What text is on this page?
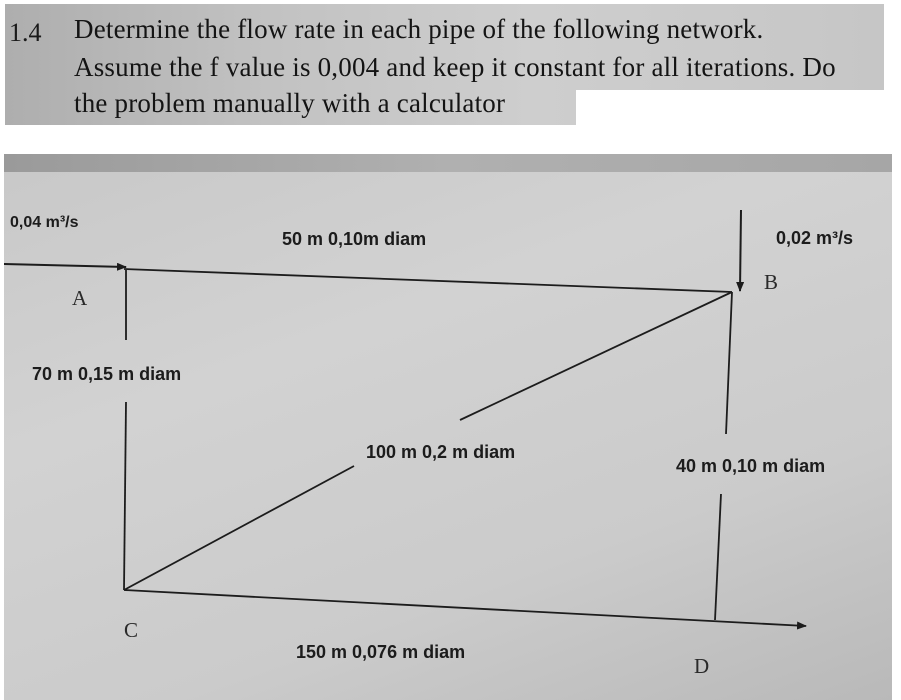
1.4 Determine the flow rate in each pipe of the following network.
Assume the f value is 0,004 and keep it constant for all iterations. Do
the problem manually with a calculator
0,04 m³/s
50 m 0,10m diam	0,02 m³/s
70 m 0,15 m diam
100 m 0,2 m diam
40 m 0,10 m diam
150 m 0,076 m diam
A
B
C
D
